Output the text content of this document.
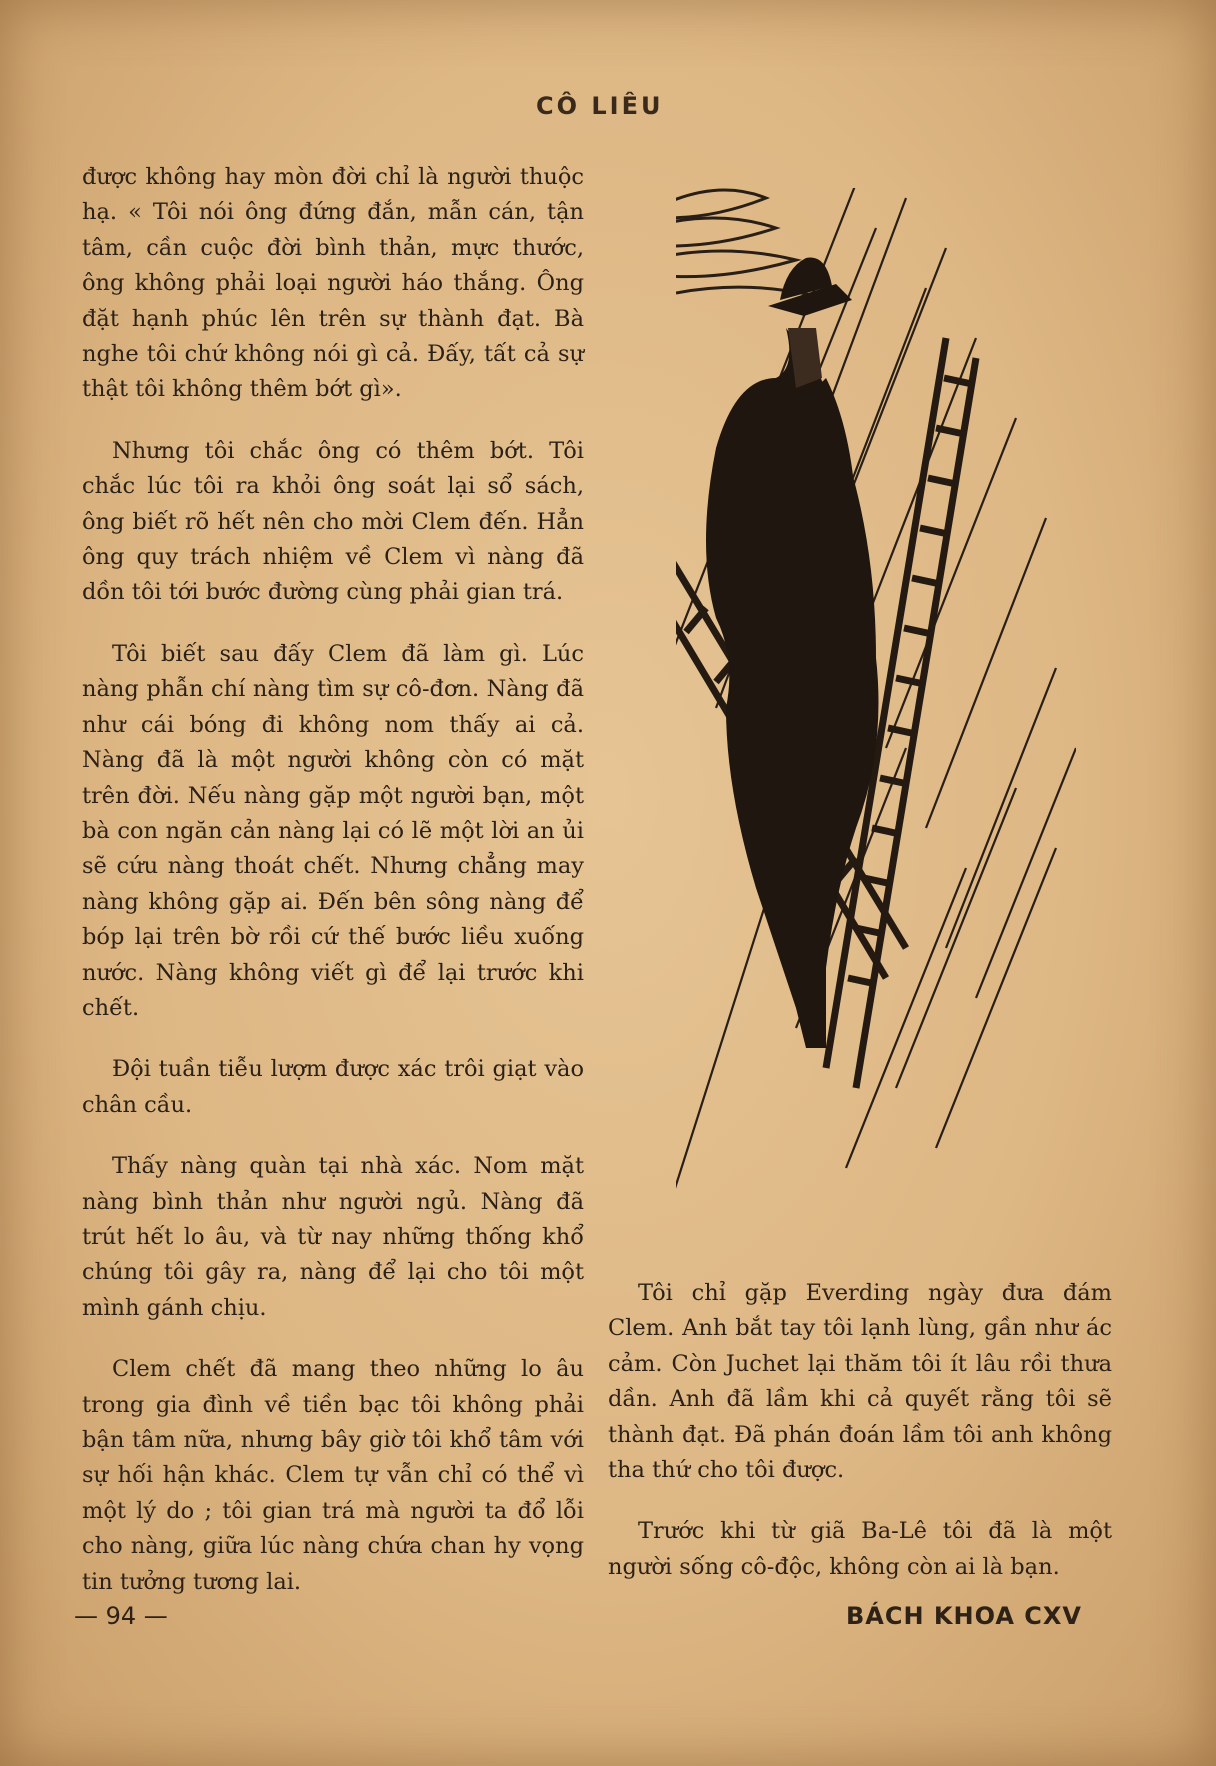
CÔ LIÊU

được không hay mòn đời chỉ là người thuộc hạ. « Tôi nói ông đứng đắn, mẫn cán, tận tâm, cần cuộc đời bình thản, mực thước, ông không phải loại người háo thắng. Ông đặt hạnh phúc lên trên sự thành đạt. Bà nghe tôi chứ không nói gì cả. Đấy, tất cả sự thật tôi không thêm bớt gì».

Nhưng tôi chắc ông có thêm bớt. Tôi chắc lúc tôi ra khỏi ông soát lại sổ sách, ông biết rõ hết nên cho mời Clem đến. Hẳn ông quy trách nhiệm về Clem vì nàng đã dồn tôi tới bước đường cùng phải gian trá.

Tôi biết sau đấy Clem đã làm gì. Lúc nàng phẫn chí nàng tìm sự cô-đơn. Nàng đã như cái bóng đi không nom thấy ai cả. Nàng đã là một người không còn có mặt trên đời. Nếu nàng gặp một người bạn, một bà con ngăn cản nàng lại có lẽ một lời an ủi sẽ cứu nàng thoát chết. Nhưng chẳng may nàng không gặp ai. Đến bên sông nàng để bóp lại trên bờ rồi cứ thế bước liều xuống nước. Nàng không viết gì để lại trước khi chết.

Đội tuần tiễu lượm được xác trôi giạt vào chân cầu.

Thấy nàng quàn tại nhà xác. Nom mặt nàng bình thản như người ngủ. Nàng đã trút hết lo âu, và từ nay những thống khổ chúng tôi gây ra, nàng để lại cho tôi một mình gánh chịu.

Clem chết đã mang theo những lo âu trong gia đình về tiền bạc tôi không phải bận tâm nữa, nhưng bây giờ tôi khổ tâm với sự hối hận khác. Clem tự vẫn chỉ có thể vì một lý do ; tôi gian trá mà người ta đổ lỗi cho nàng, giữa lúc nàng chứa chan hy vọng tin tưởng tương lai.

Tôi chỉ gặp Everding ngày đưa đám Clem. Anh bắt tay tôi lạnh lùng, gần như ác cảm. Còn Juchet lại thăm tôi ít lâu rồi thưa dần. Anh đã lầm khi cả quyết rằng tôi sẽ thành đạt. Đã phán đoán lầm tôi anh không tha thứ cho tôi được.

Trước khi từ giã Ba-Lê tôi đã là một người sống cô-độc, không còn ai là bạn.

— 94 —	BÁCH KHOA CXV
